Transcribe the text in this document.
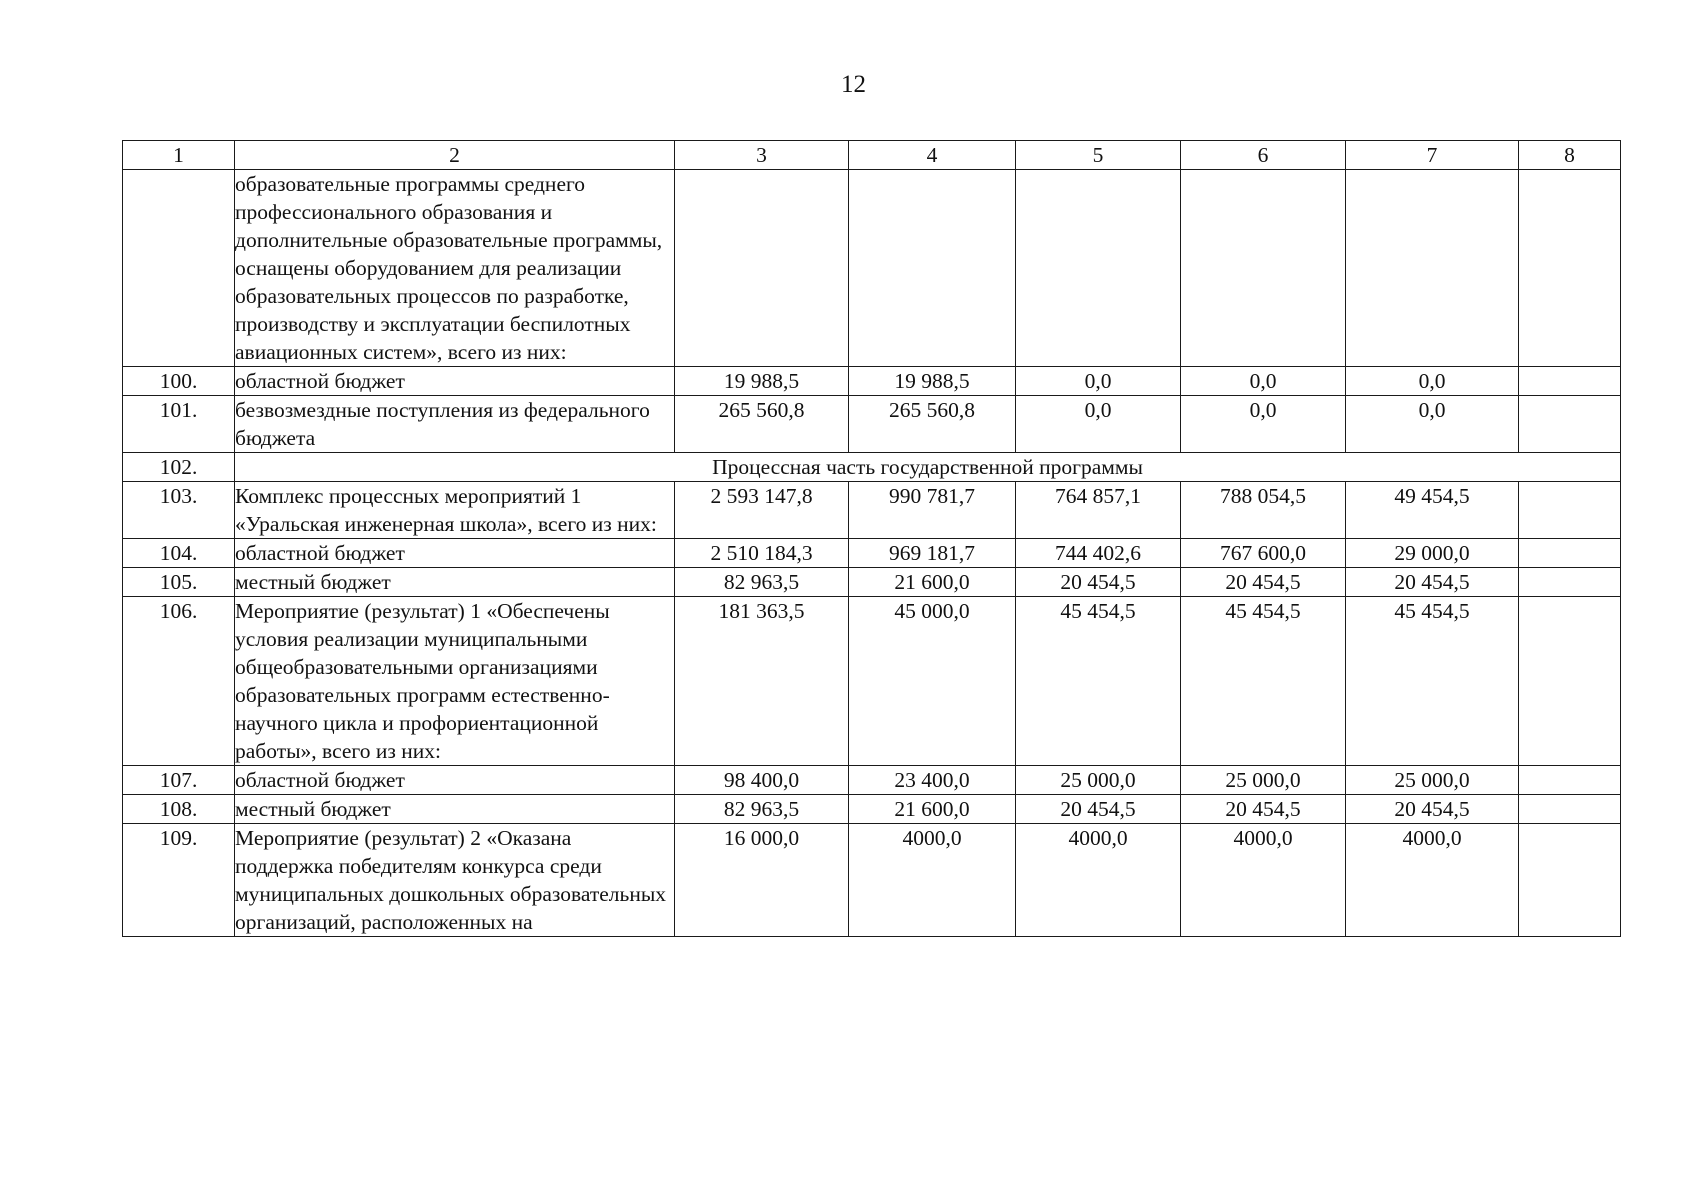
12
1	2	3	4	5	6	7	8
	образовательные программы среднего профессионального образования и дополнительные образовательные программы, оснащены оборудованием для реализации образовательных процессов по разработке, производству и эксплуатации беспилотных авиационных систем», всего из них:						
100.	областной бюджет	19 988,5	19 988,5	0,0	0,0	0,0	
101.	безвозмездные поступления из федерального бюджета	265 560,8	265 560,8	0,0	0,0	0,0	
102.	Процессная часть государственной программы						
103.	Комплекс процессных мероприятий 1 «Уральская инженерная школа», всего из них:	2 593 147,8	990 781,7	764 857,1	788 054,5	49 454,5	
104.	областной бюджет	2 510 184,3	969 181,7	744 402,6	767 600,0	29 000,0	
105.	местный бюджет	82 963,5	21 600,0	20 454,5	20 454,5	20 454,5	
106.	Мероприятие (результат) 1 «Обеспечены условия реализации муниципальными общеобразовательными организациями образовательных программ естественно-научного цикла и профориентационной работы», всего из них:	181 363,5	45 000,0	45 454,5	45 454,5	45 454,5	
107.	областной бюджет	98 400,0	23 400,0	25 000,0	25 000,0	25 000,0	
108.	местный бюджет	82 963,5	21 600,0	20 454,5	20 454,5	20 454,5	
109.	Мероприятие (результат) 2 «Оказана поддержка победителям конкурса среди муниципальных дошкольных образовательных организаций, расположенных на	16 000,0	4000,0	4000,0	4000,0	4000,0	
